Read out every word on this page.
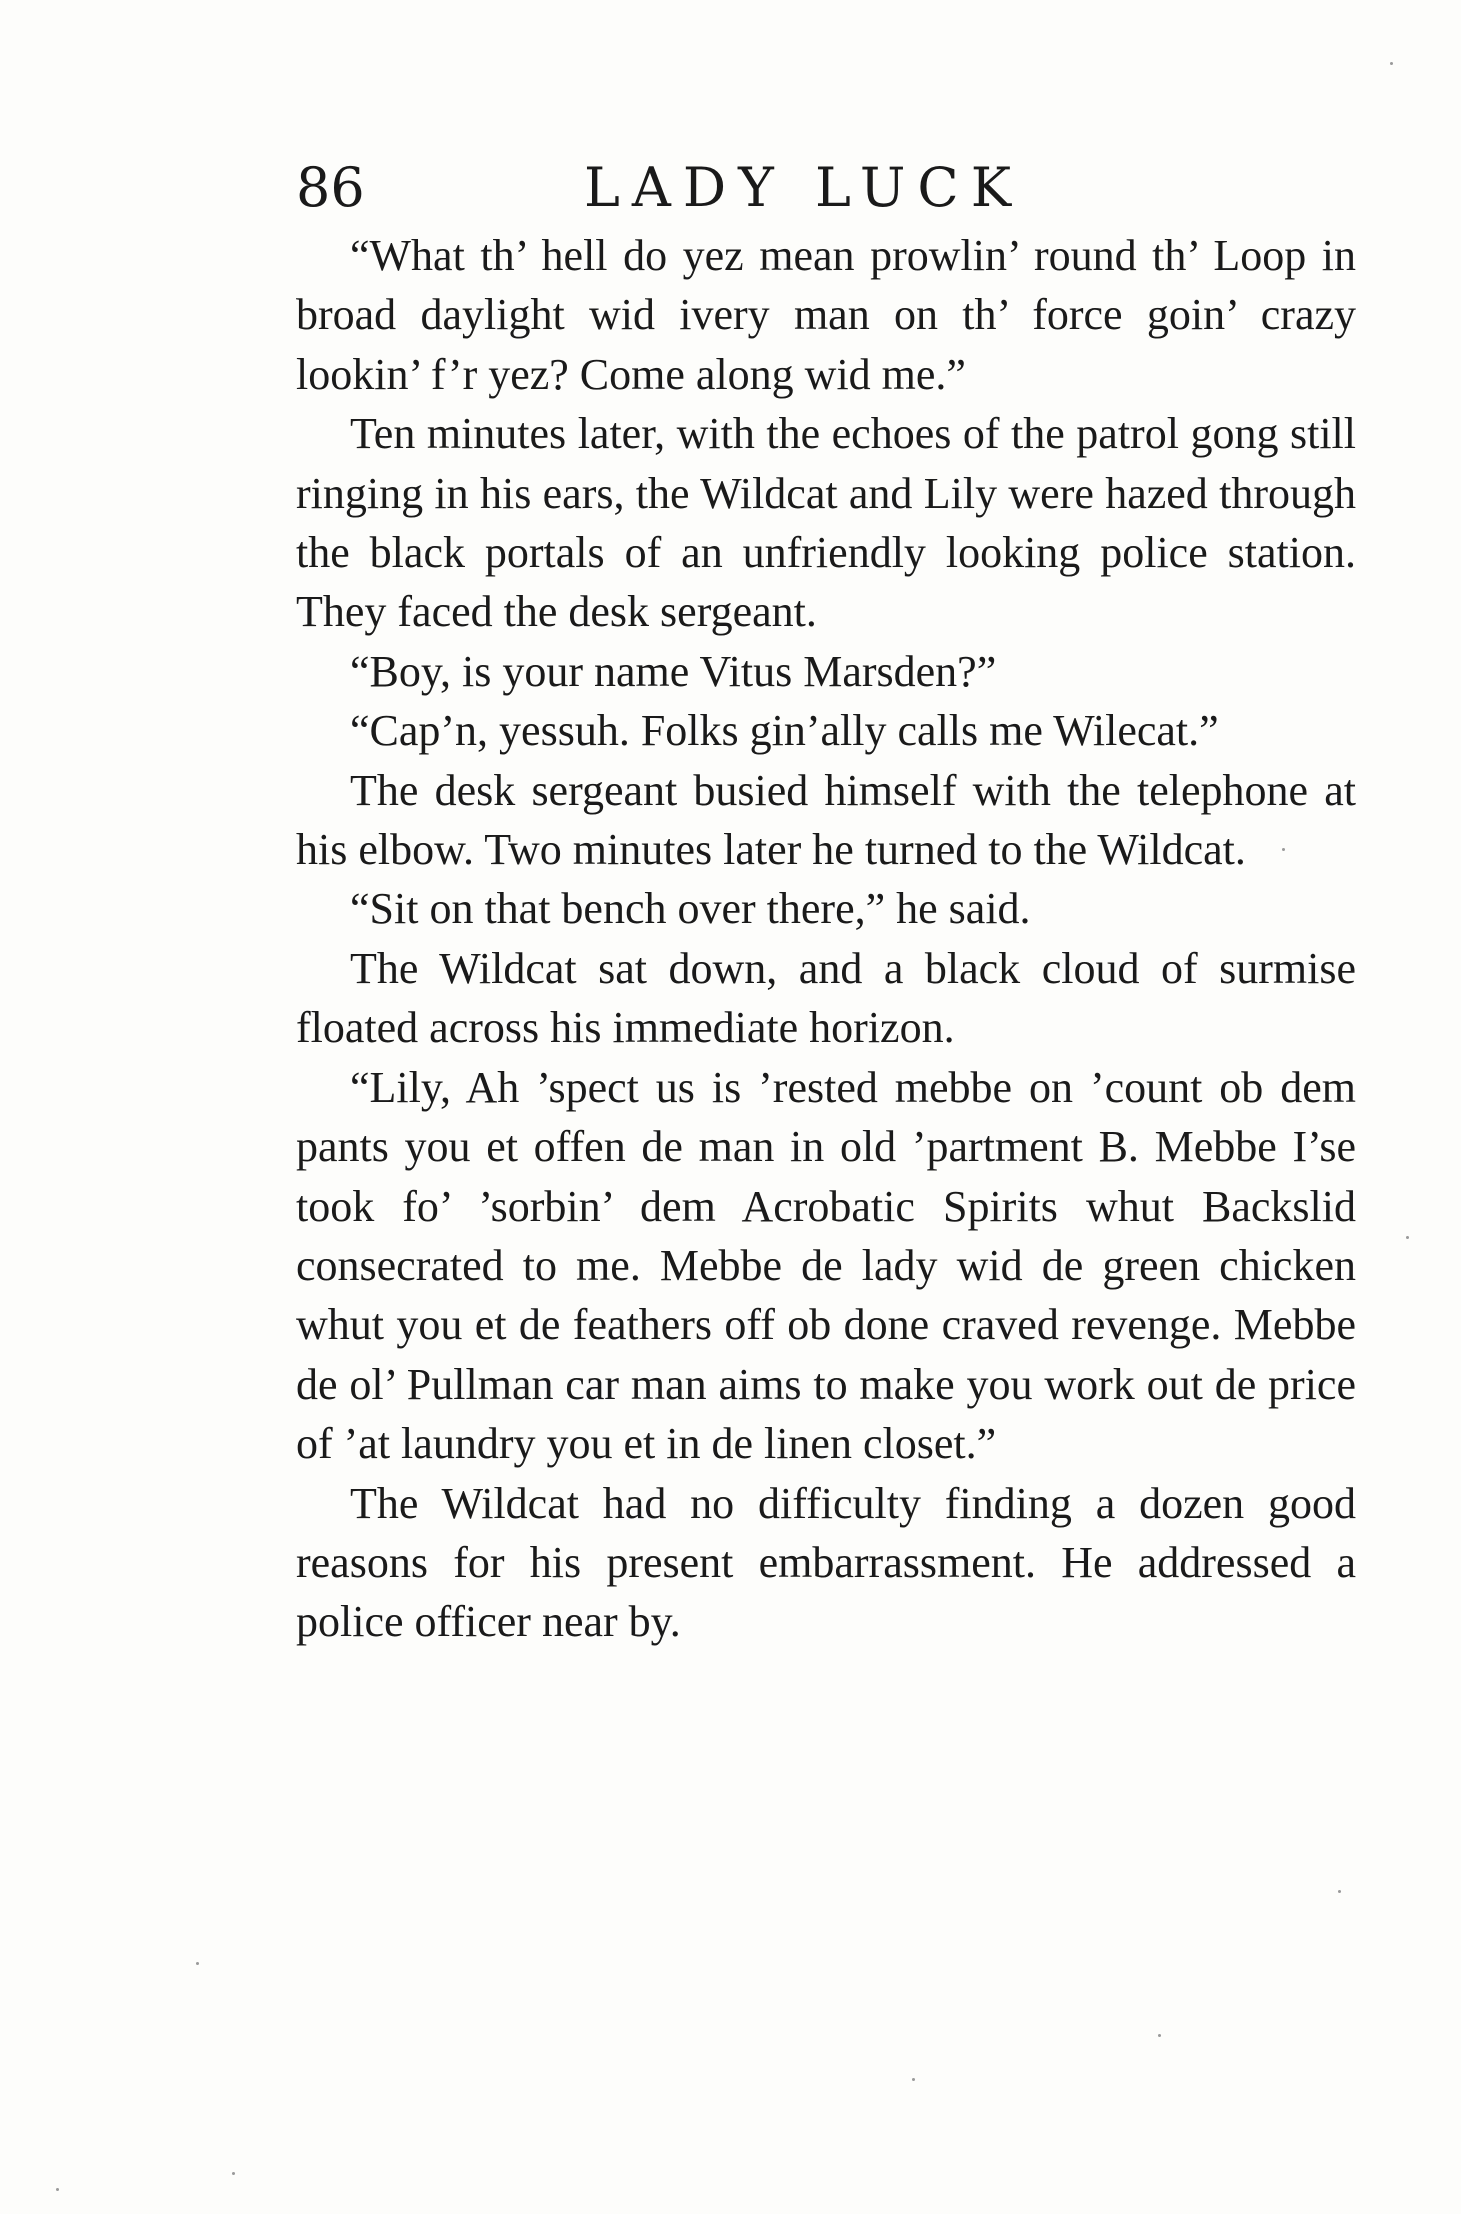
86	LADY LUCK

“What th’ hell do yez mean prowlin’ round th’ Loop in broad daylight wid ivery man on th’ force goin’ crazy lookin’ f’r yez? Come along wid me.”

Ten minutes later, with the echoes of the patrol gong still ringing in his ears, the Wildcat and Lily were hazed through the black portals of an unfriendly looking police station. They faced the desk sergeant.

“Boy, is your name Vitus Marsden?”

“Cap’n, yessuh. Folks gin’ally calls me Wilecat.”

The desk sergeant busied himself with the telephone at his elbow. Two minutes later he turned to the Wildcat.

“Sit on that bench over there,” he said.

The Wildcat sat down, and a black cloud of surmise floated across his immediate horizon.

“Lily, Ah ’spect us is ’rested mebbe on ’count ob dem pants you et offen de man in old ’partment B. Mebbe I’se took fo’ ’sorbin’ dem Acrobatic Spirits whut Backslid consecrated to me. Mebbe de lady wid de green chicken whut you et de feathers off ob done craved revenge. Mebbe de ol’ Pullman car man aims to make you work out de price of ’at laundry you et in de linen closet.”

The Wildcat had no difficulty finding a dozen good reasons for his present embarrassment. He addressed a police officer near by.
